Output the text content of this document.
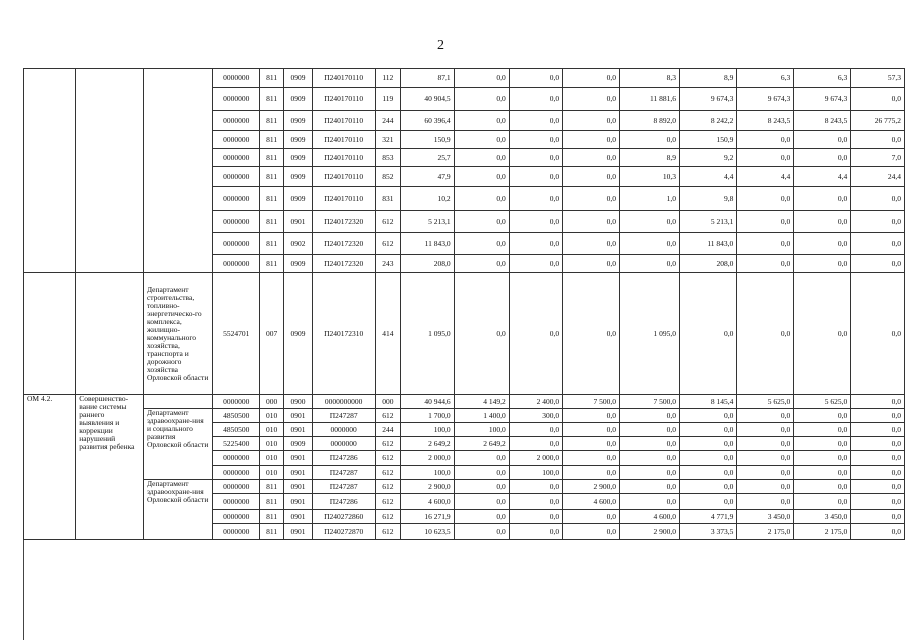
2
			0000000	811	0909	П240170110	112	87,1	0,0	0,0	0,0	8,3	8,9	6,3	6,3	57,3
			0000000	811	0909	П240170110	119	40 904,5	0,0	0,0	0,0	11 881,6	9 674,3	9 674,3	9 674,3	0,0
			0000000	811	0909	П240170110	244	60 396,4	0,0	0,0	0,0	8 892,0	8 242,2	8 243,5	8 243,5	26 775,2
			0000000	811	0909	П240170110	321	150,9	0,0	0,0	0,0	0,0	150,9	0,0	0,0	0,0
			0000000	811	0909	П240170110	853	25,7	0,0	0,0	0,0	8,9	9,2	0,0	0,0	7,0
			0000000	811	0909	П240170110	852	47,9	0,0	0,0	0,0	10,3	4,4	4,4	4,4	24,4
			0000000	811	0909	П240170110	831	10,2	0,0	0,0	0,0	1,0	9,8	0,0	0,0	0,0
			0000000	811	0901	П240172320	612	5 213,1	0,0	0,0	0,0	0,0	5 213,1	0,0	0,0	0,0
			0000000	811	0902	П240172320	612	11 843,0	0,0	0,0	0,0	0,0	11 843,0	0,0	0,0	0,0
			0000000	811	0909	П240172320	243	208,0	0,0	0,0	0,0	0,0	208,0	0,0	0,0	0,0
		Департамент строительства, топливно-энергетическо-го комплекса, жилищно-коммунального хозяйства, транспорта и дорожного хозяйства Орловской области	5524701	007	0909	П240172310	414	1 095,0	0,0	0,0	0,0	1 095,0	0,0	0,0	0,0	0,0
ОМ 4.2.	Совершенство-вание системы раннего выявления и коррекции нарушений развития ребенка		0000000	000	0900	0000000000	000	40 944,6	4 149,2	2 400,0	7 500,0	7 500,0	8 145,4	5 625,0	5 625,0	0,0
		Департамент здравоохране-ния и социального развития Орловской области	4850500	010	0901	П247287	612	1 700,0	1 400,0	300,0	0,0	0,0	0,0	0,0	0,0	0,0
			4850500	010	0901	0000000	244	100,0	100,0	0,0	0,0	0,0	0,0	0,0	0,0	0,0
			5225400	010	0909	0000000	612	2 649,2	2 649,2	0,0	0,0	0,0	0,0	0,0	0,0	0,0
			0000000	010	0901	П247286	612	2 000,0	0,0	2 000,0	0,0	0,0	0,0	0,0	0,0	0,0
			0000000	010	0901	П247287	612	100,0	0,0	100,0	0,0	0,0	0,0	0,0	0,0	0,0
		Департамент здравоохране-ния Орловской области	0000000	811	0901	П247287	612	2 900,0	0,0	0,0	2 900,0	0,0	0,0	0,0	0,0	0,0
			0000000	811	0901	П247286	612	4 600,0	0,0	0,0	4 600,0	0,0	0,0	0,0	0,0	0,0
			0000000	811	0901	П240272860	612	16 271,9	0,0	0,0	0,0	4 600,0	4 771,9	3 450,0	3 450,0	0,0
			0000000	811	0901	П240272870	612	10 623,5	0,0	0,0	0,0	2 900,0	3 373,5	2 175,0	2 175,0	0,0
